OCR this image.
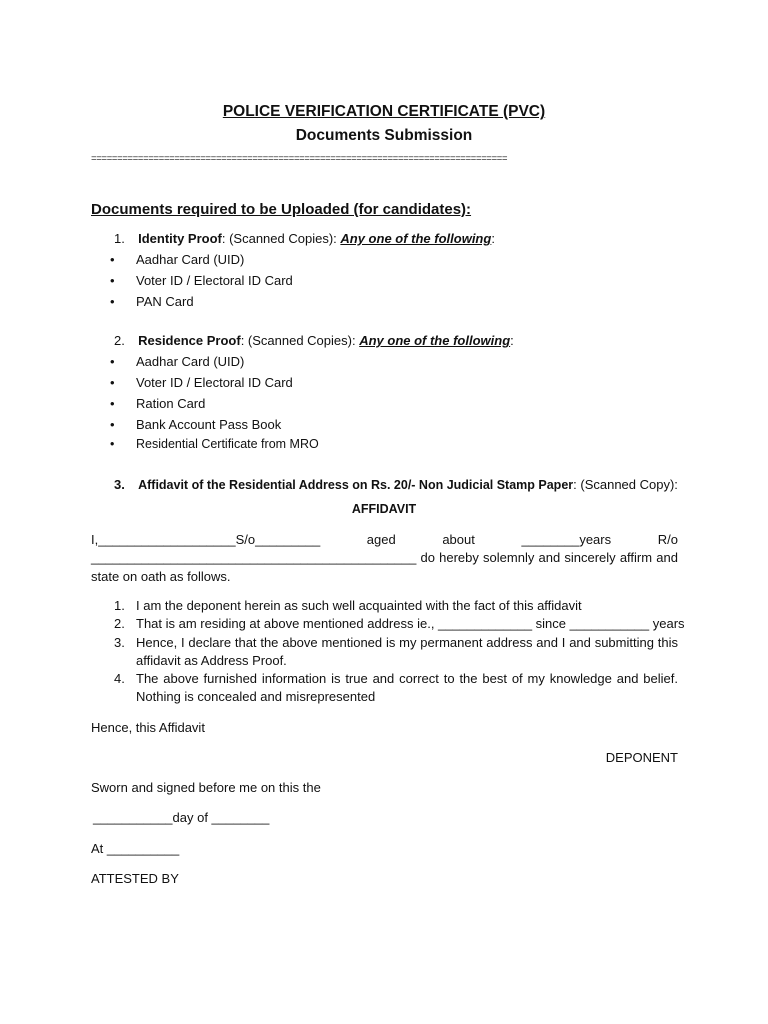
POLICE VERIFICATION CERTIFICATE (PVC)
Documents Submission
================================================================================
Documents required to be Uploaded (for candidates):
1. Identity Proof: (Scanned Copies): Any one of the following:
• Aadhar Card (UID)
• Voter ID / Electoral ID Card
• PAN Card
2. Residence Proof: (Scanned Copies): Any one of the following:
• Aadhar Card (UID)
• Voter ID / Electoral ID Card
• Ration Card
• Bank Account Pass Book
• Residential Certificate from MRO
3. Affidavit of the Residential Address on Rs. 20/- Non Judicial Stamp Paper: (Scanned Copy):
AFFIDAVIT
I,___________________S/o_________	aged	about	________years	R/o
_____________________________________________ do hereby solemnly and sincerely affirm and
state on oath as follows.
1. I am the deponent herein as such well acquainted with the fact of this affidavit
2. That is am residing at above mentioned address ie., _____________ since ___________ years
3. Hence, I declare that the above mentioned is my permanent address and I and submitting this
affidavit as Address Proof.
4. The above furnished information is true and correct to the best of my knowledge and belief.
Nothing is concealed and misrepresented
Hence, this Affidavit
DEPONENT
Sworn and signed before me on this the
___________day of ________
At __________
ATTESTED BY
